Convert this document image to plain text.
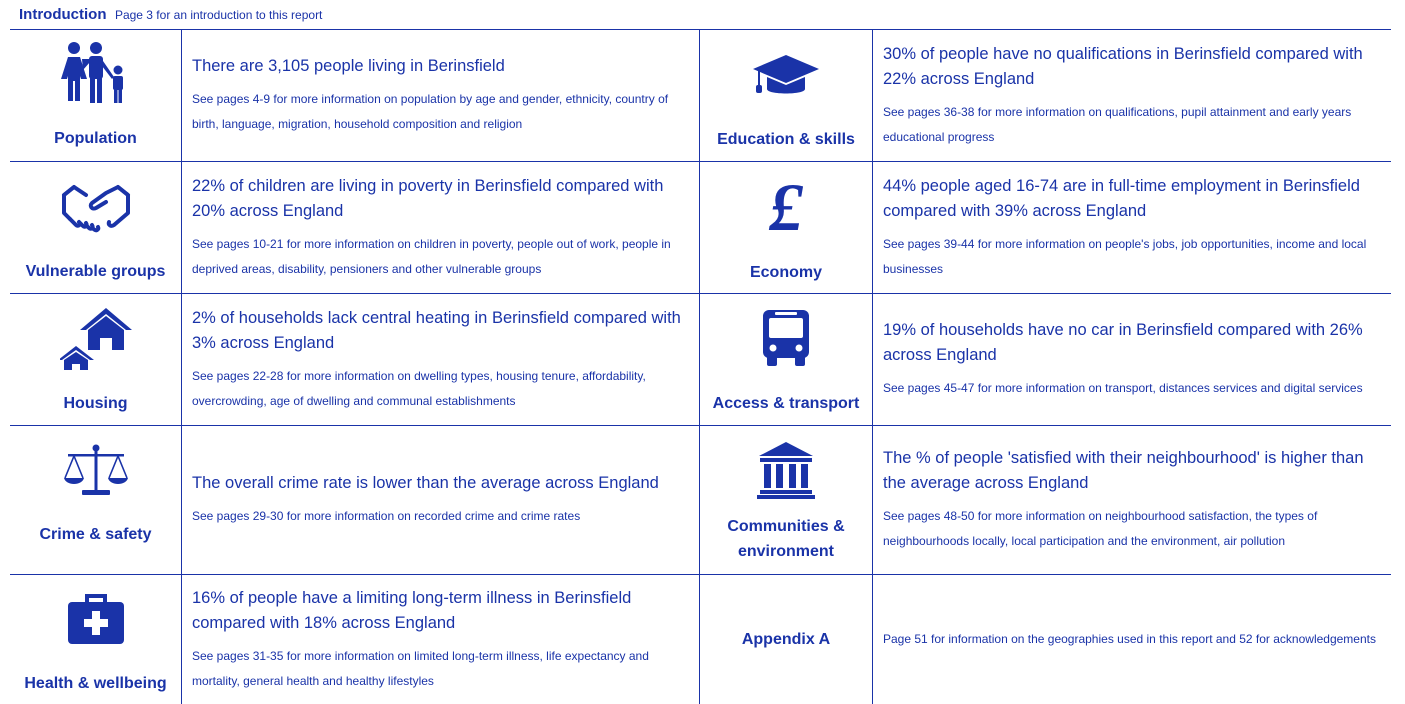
Introduction Page 3 for an introduction to this report
Population
There are 3,105 people living in Berinsfield
See pages 4-9 for more information on population by age and gender, ethnicity, country of birth, language, migration, household composition and religion
Education & skills
30% of people have no qualifications in Berinsfield compared with 22% across England
See pages 36-38 for more information on qualifications, pupil attainment and early years educational progress
Vulnerable groups
22% of children are living in poverty in Berinsfield compared with 20% across England
See pages 10-21 for more information on children in poverty, people out of work, people in deprived areas, disability, pensioners and other vulnerable groups
£
Economy
44% people aged 16-74 are in full-time employment in Berinsfield compared with 39% across England
See pages 39-44 for more information on people's jobs, job opportunities, income and local businesses
Housing
2% of households lack central heating in Berinsfield compared with 3% across England
See pages 22-28 for more information on dwelling types, housing tenure, affordability, overcrowding, age of dwelling and communal establishments	Access & transport
19% of households have no car in Berinsfield compared with 26% across England
See pages 45-47 for more information on transport, distances services and digital services
Crime & safety
The overall crime rate is lower than the average across England
See pages 29-30 for more information on recorded crime and crime rates
Communities & environment
The % of people 'satisfied with their neighbourhood' is higher than the average across England
See pages 48-50 for more information on neighbourhood satisfaction, the types of neighbourhoods locally, local participation and the environment, air pollution
Health & wellbeing
16% of people have a limiting long-term illness in Berinsfield compared with 18% across England
See pages 31-35 for more information on limited long-term illness, life expectancy and mortality, general health and healthy lifestyles
Appendix A	Page 51 for information on the geographies used in this report and 52 for acknowledgements
